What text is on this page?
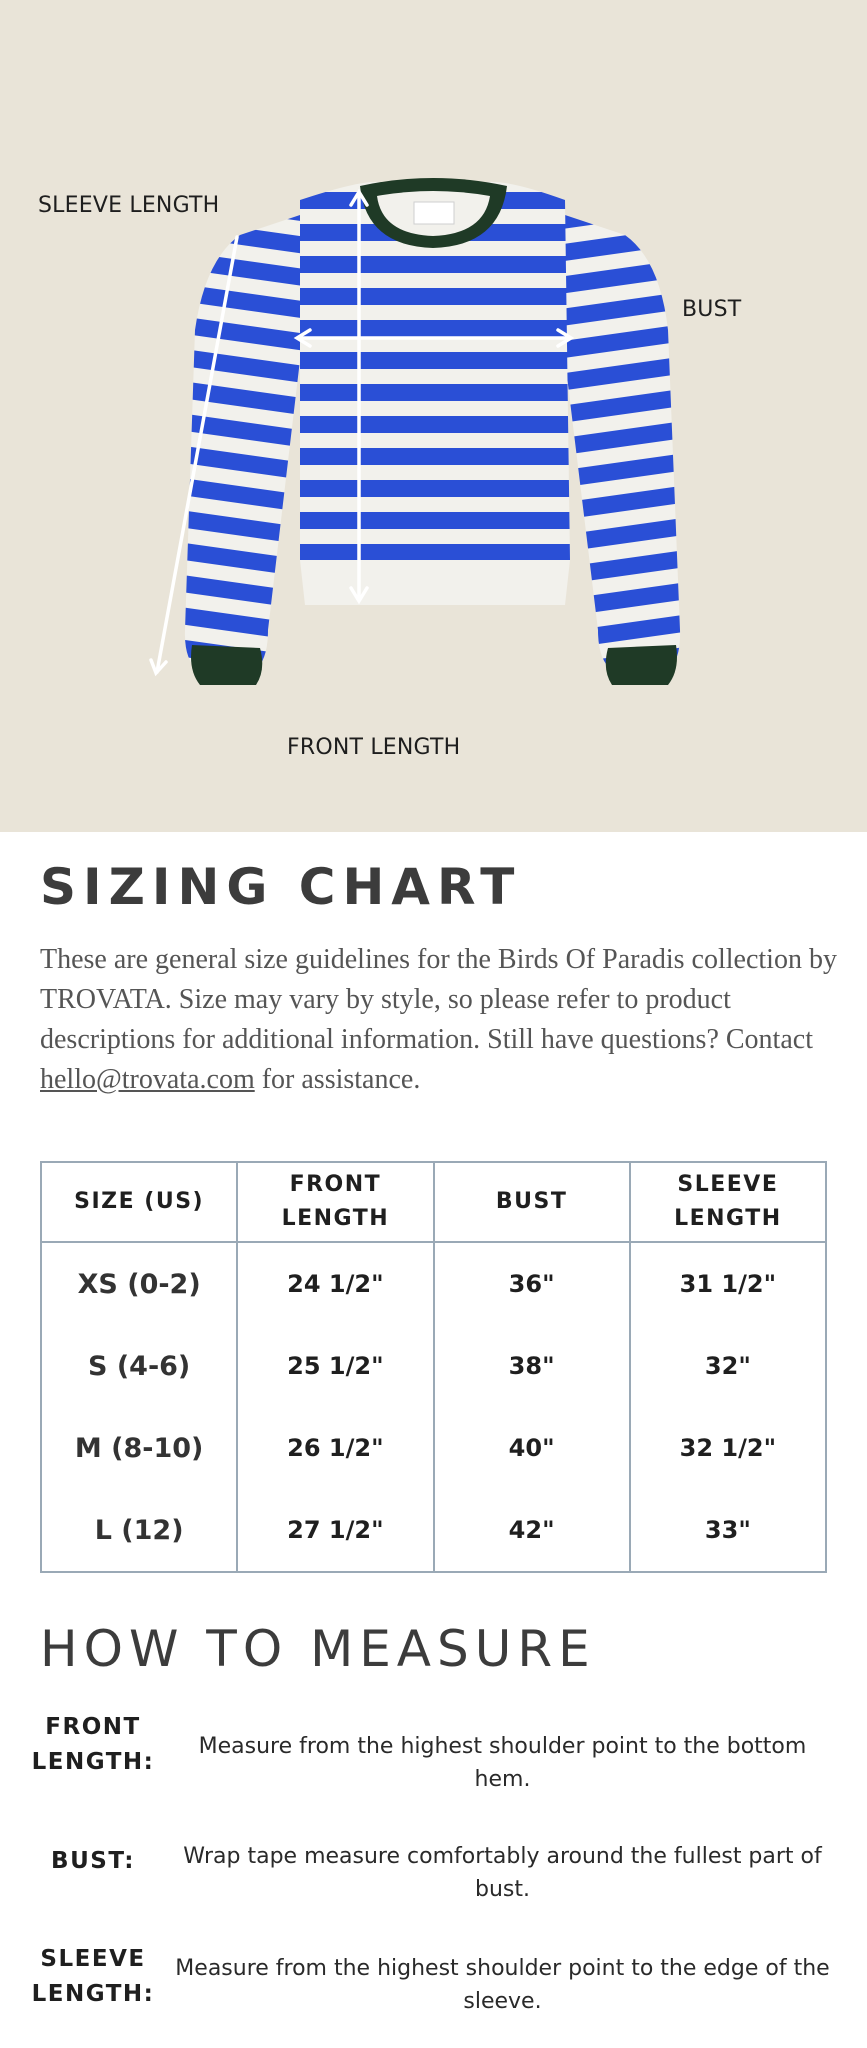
SLEEVE LENGTH
BUST
FRONT LENGTH
SIZING CHART

These are general size guidelines for the Birds Of Paradis collection by TROVATA. Size may vary by style, so please refer to product descriptions for additional information. Still have questions? Contact hello@trovata.com for assistance.

SIZE (US)	FRONT LENGTH	BUST	SLEEVE LENGTH
XS (0-2)	24 1/2"	36"	31 1/2"
S (4-6)	25 1/2"	38"	32"
M (8-10)	26 1/2"	40"	32 1/2"
L (12)	27 1/2"	42"	33"
HOW TO MEASURE
FRONT LENGTH:
Measure from the highest shoulder point to the bottom hem.
BUST:	Wrap tape measure comfortably around the fullest part of bust.
SLEEVE LENGTH:
Measure from the highest shoulder point to the edge of the sleeve.
